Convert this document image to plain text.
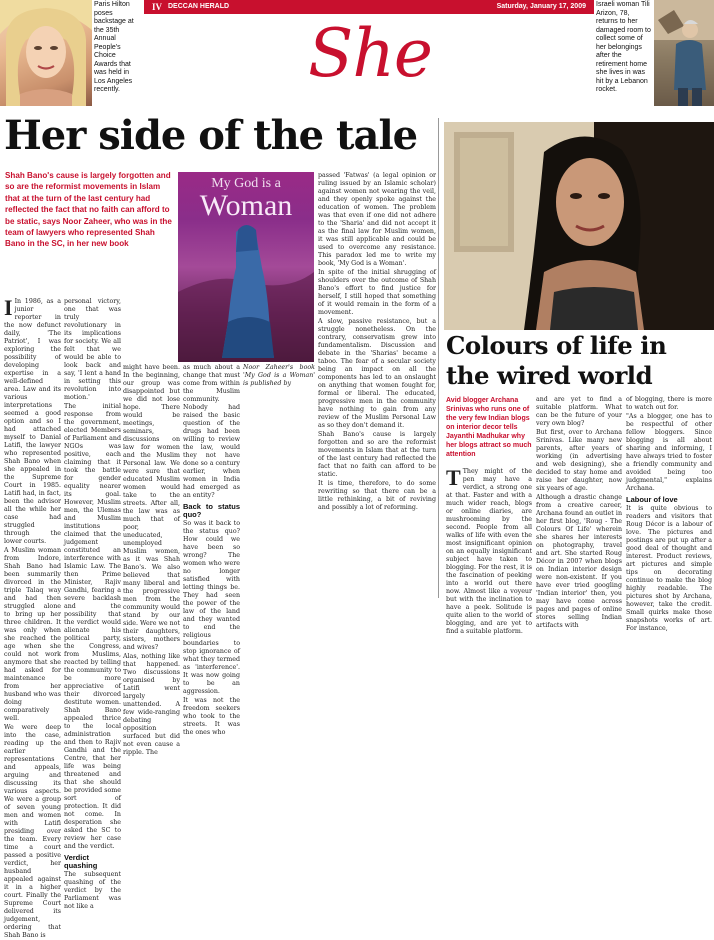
Paris Hilton poses backstage at the 35th Annual People's Choice Awards that was held in Los Angeles recently.
IV DECCAN HERALD	Saturday, January 17, 2009
She
Israeli woman Tili Arizon, 78, returns to her damaged room to collect some of her belongings after the retirement home she lives in was hit by a Lebanon rocket.
Her side of the tale
Shah Bano's cause is largely forgotten and so are the reformist movements in Islam that at the turn of the last century had reflected the fact that no faith can afford to be static, says Noor Zaheer, who was in the team of lawyers who represented Shah Bano in the SC, in her new book
My God is a
Woman

I In 1986, as a junior reporter in the now defunct daily, 'The Patriot', I was exploring the possibility of developing expertise in a well-defined area. Law and its various interpretations seemed a good option and so I had attached myself to Danial Latifi, the lawyer who represented Shah Bano when she appealed in the Supreme Court in 1985. Latifi had, in fact, been the advisor all the while her case had struggled through the lower courts.

A Muslim woman from Indore, Shah Bano had been summarily divorced in the triple Talaq way and had then struggled alone to bring up her three children. It was only when she reached the age when she could not work anymore that she had asked for maintenance from her husband who was doing comparatively well.

We were deep into the case, reading up the earlier representations and appeals, arguing and discussing its various aspects. We were a group of seven young men and women with Latifi presiding over the team. Every time a court passed a positive verdict, her husband appealed against it in a higher court. Finally the Supreme Court delivered its judgement, ordering that Shah Bano is

personal victory, one that was truly revolutionary in its implications for society. We all felt that we would be able to look back and say, 'I lent a hand in setting this revolution into motion.'

The initial response from the government, elected Members of Parliament and NGOs was positive, each claiming that it took the battle for gender equality nearer its goal. However, Muslim men, the Ulemas and Muslim institutions claimed that the judgement constituted an interference with Islamic Law. The then Prime Minister, Rajiv Gandhi, fearing a severe backlash and the possibility that the verdict would alienate his political party, the Congress, from Muslims, reacted by telling the community to be more appreciative of their divorced destitute women. Shah Bano appealed thrice to the local administration and then to Rajiv Gandhi and the Centre, that her life was being threatened and that she should be provided some sort of protection. It did not come. In desperation she asked the SC to review her case and the verdict.

Verdict quashing

The subsequent quashing of the verdict by the Parliament was not like a

might have been. In the beginning, our group was disappointed but we did not lose hope. There would be meetings, seminars, discussions on law for women and the Muslim Personal law. We were sure that educated Muslim women would take to the streets. After all, the law was as much that of poor, uneducated, unemployed Muslim women, as it was Shah Bano's. We also believed that many liberal and the progressive men from the community would stand by our side. Were we not their daughters, sisters, mothers and wives?

Alas, nothing like that happened. Two discussions organised by Latifi went largely unattended. A few wide-ranging debating opposition surfaced but did not even cause a ripple. The

as much about a change that must come from within the Muslim community. Nobody had raised the basic question of the drugs had been willing to review the law, would they not have done so a century earlier, when women in India had emerged as an entity?

Back to status quo?

So was it back to the status quo? How could we have been so wrong? The women who were no longer satisfied with letting things be. They had seen the power of the law of the land and they wanted to end the religious boundaries to stop ignorance of what they termed as 'interference'. It was now going to be an aggression.

It was not the freedom seekers who took to the streets. It was the ones who

Noor Zaheer's book 'My God is a Woman' is published by

passed 'Fatwas' (a legal opinion or ruling issued by an Islamic scholar) against women not wearing the veil, and they openly spoke against the education of women. The problem was that even if one did not adhere to the 'Sharia' and did not accept it as the final law for Muslim women, it was still applicable and could be used to overcome any resistance. This paradox led me to write my book, 'My God is a Woman'.

In spite of the initial shrugging of shoulders over the outcome of Shah Bano's effort to find justice for herself, I still hoped that something of it would remain in the form of a movement.

A slow, passive resistance, but a struggle nonetheless. On the contrary, conservatism grew into fundamentalism. Discussion and debate in the 'Sharias' became a taboo. The fear of a secular society being an impact on all the components has led to an onslaught on anything that women fought for, formal or liberal. The educated, progressive men in the community have nothing to gain from any review of the Muslim Personal Law as so they don't demand it.

Shah Bano's cause is largely forgotten and so are the reformist movements in Islam that at the turn of the last century had reflected the fact that no faith can afford to be static.

It is time, therefore, to do some rewriting so that there can be a little rethinking, a bit of reviving and possibly a lot of reforming.

Colours of life in the wired world
Avid blogger Archana Srinivas who runs one of the very few Indian blogs on interior decor tells Jayanthi Madhukar why her blogs attract so much attention

T They might of the pen may have a verdict, a strong one at that. Faster and with a much wider reach, blogs or online diaries, are mushrooming by the second. People from all walks of life with even the most insignificant opinion on an equally insignificant subject have taken to blogging. For the rest, it is the fascination of peeking into a world out there now. Almost like a voyeur but with the inclination to have a peek. Solitude is quite alien to the world of blogging, and are yet to find a suitable platform.

and are yet to find a suitable platform. What can be the future of your very own blog?

But first, over to Archana Srinivas. Like many new parents, after years of working (in advertising and web designing), she decided to stay home and raise her daughter, now six years of age.

Although a drastic change from a creative career, Archana found an outlet in her first blog, 'Roug - The Colours Of Life' wherein she shares her interests on photography, travel and art. She started Roug Décor in 2007 when blogs on Indian interior design were non-existent. If you have ever tried googling 'Indian interior' then, you may have come across pages and pages of online stores selling Indian artifacts with

of blogging, there is more to watch out for.

"As a blogger, one has to be respectful of other fellow bloggers. Since blogging is all about sharing and informing, I have always tried to foster a friendly community and avoided being too judgmental," explains Archana.

Labour of love

It is quite obvious to readers and visitors that Roug Décor is a labour of love. The pictures and postings are put up after a good deal of thought and interest. Product reviews, art pictures and simple tips on decorating continue to make the blog highly readable. The pictures shot by Archana, however, take the credit. Small quirks make those snapshots works of art. For instance,
